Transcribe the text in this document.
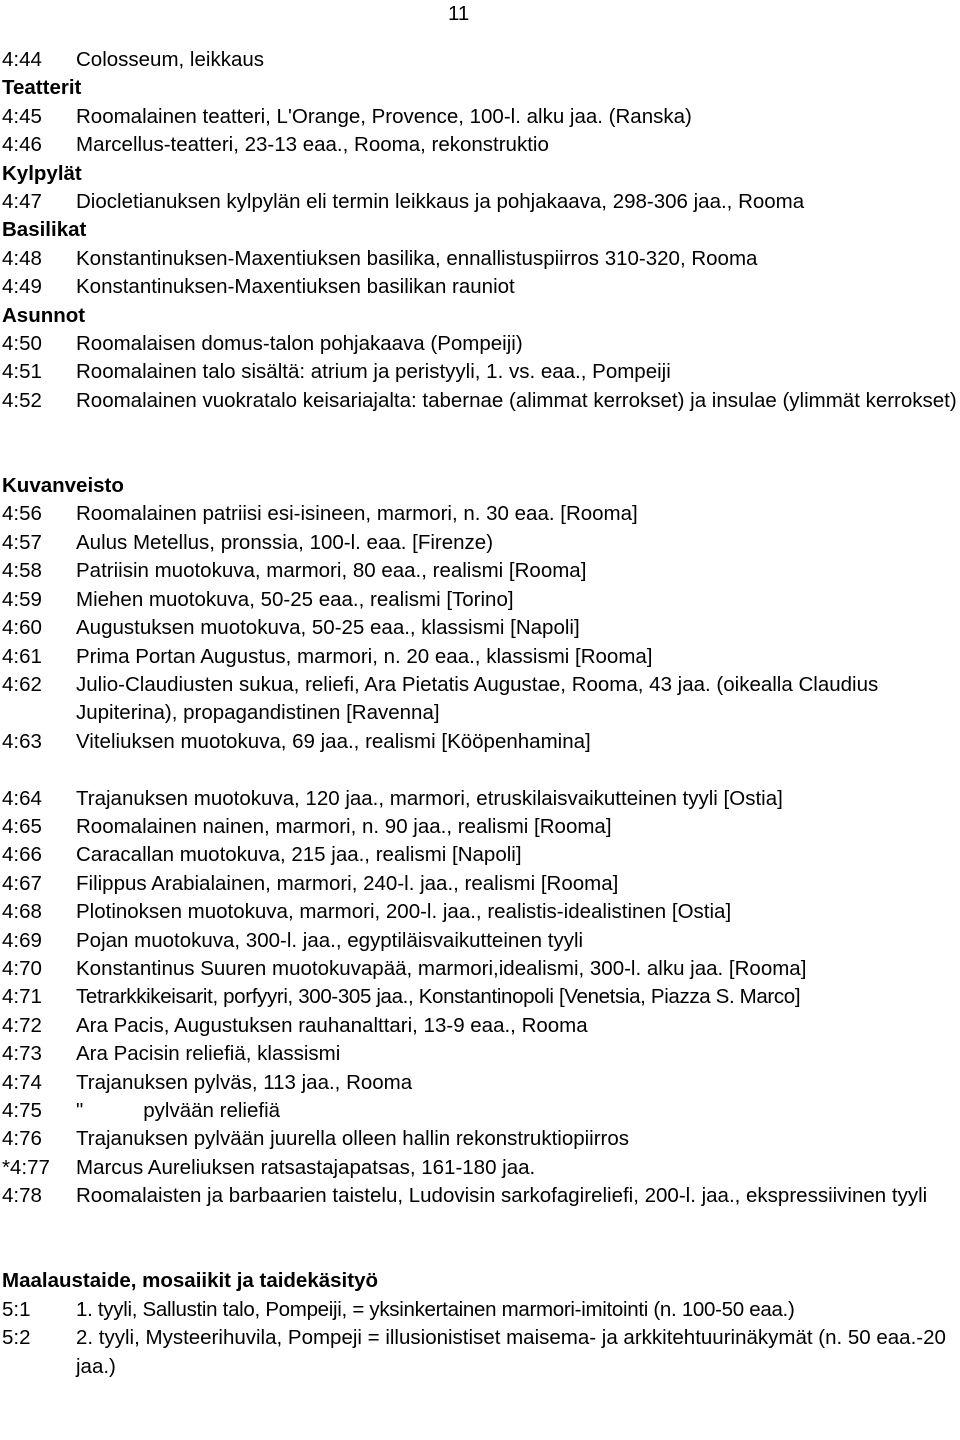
11
4:44	Colosseum, leikkaus
Teatterit
4:45	Roomalainen teatteri, L'Orange, Provence, 100-l. alku jaa. (Ranska)
4:46	Marcellus-teatteri, 23-13 eaa., Rooma, rekonstruktio
Kylpylät
4:47	Diocletianuksen kylpylän eli termin leikkaus ja pohjakaava, 298-306 jaa., Rooma
Basilikat
4:48	Konstantinuksen-Maxentiuksen basilika, ennallistuspiirros 310-320, Rooma
4:49	Konstantinuksen-Maxentiuksen basilikan rauniot
Asunnot
4:50	Roomalaisen domus-talon pohjakaava (Pompeiji)
4:51	Roomalainen talo sisältä: atrium ja peristyyli, 1. vs. eaa., Pompeiji
4:52	Roomalainen vuokratalo keisariajalta: tabernae (alimmat kerrokset) ja insulae (ylimmät kerrokset)
Kuvanveisto
4:56	Roomalainen patriisi esi-isineen, marmori, n. 30 eaa. [Rooma]
4:57	Aulus Metellus, pronssia, 100-l. eaa. [Firenze)
4:58	Patriisin muotokuva, marmori, 80 eaa., realismi [Rooma]
4:59	Miehen muotokuva, 50-25 eaa., realismi [Torino]
4:60	Augustuksen muotokuva, 50-25 eaa., klassismi [Napoli]
4:61	Prima Portan Augustus, marmori, n. 20 eaa., klassismi [Rooma]
4:62	Julio-Claudiusten sukua, reliefi, Ara Pietatis Augustae, Rooma, 43 jaa. (oikealla Claudius Jupiterina), propagandistinen [Ravenna]
4:63	Viteliuksen muotokuva, 69 jaa., realismi [Kööpenhamina]
4:64	Trajanuksen muotokuva, 120 jaa., marmori, etruskilaisvaikutteinen tyyli [Ostia]
4:65	Roomalainen nainen, marmori, n. 90 jaa., realismi [Rooma]
4:66	Caracallan muotokuva, 215 jaa., realismi [Napoli]
4:67	Filippus Arabialainen, marmori, 240-l. jaa., realismi [Rooma]
4:68	Plotinoksen muotokuva, marmori, 200-l. jaa., realistis-idealistinen [Ostia]
4:69	Pojan muotokuva, 300-l. jaa., egyptiläisvaikutteinen tyyli
4:70	Konstantinus Suuren muotokuvapää, marmori,idealismi, 300-l. alku jaa. [Rooma]
4:71	Tetrarkkikeisarit, porfyyri, 300-305 jaa., Konstantinopoli [Venetsia, Piazza S. Marco]
4:72	Ara Pacis, Augustuksen rauhanalttari, 13-9 eaa., Rooma
4:73	Ara Pacisin reliefiä, klassismi
4:74	Trajanuksen pylväs, 113 jaa., Rooma
4:75	"	pylvään reliefiä
4:76	Trajanuksen pylvään juurella olleen hallin rekonstruktiopiirros
*4:77	Marcus Aureliuksen ratsastajapatsas, 161-180 jaa.
4:78	Roomalaisten ja barbaarien taistelu, Ludovisin sarkofagireliefi, 200-l. jaa., ekspressiivinen tyyli
Maalaustaide, mosaiikit ja taidekäsityö
5:1	1. tyyli, Sallustin talo, Pompeiji, = yksinkertainen marmori-imitointi (n. 100-50 eaa.)
5:2	2. tyyli, Mysteerihuvila, Pompeji = illusionistiset maisema- ja arkkitehtuurinäkymät (n. 50 eaa.-20 jaa.)
